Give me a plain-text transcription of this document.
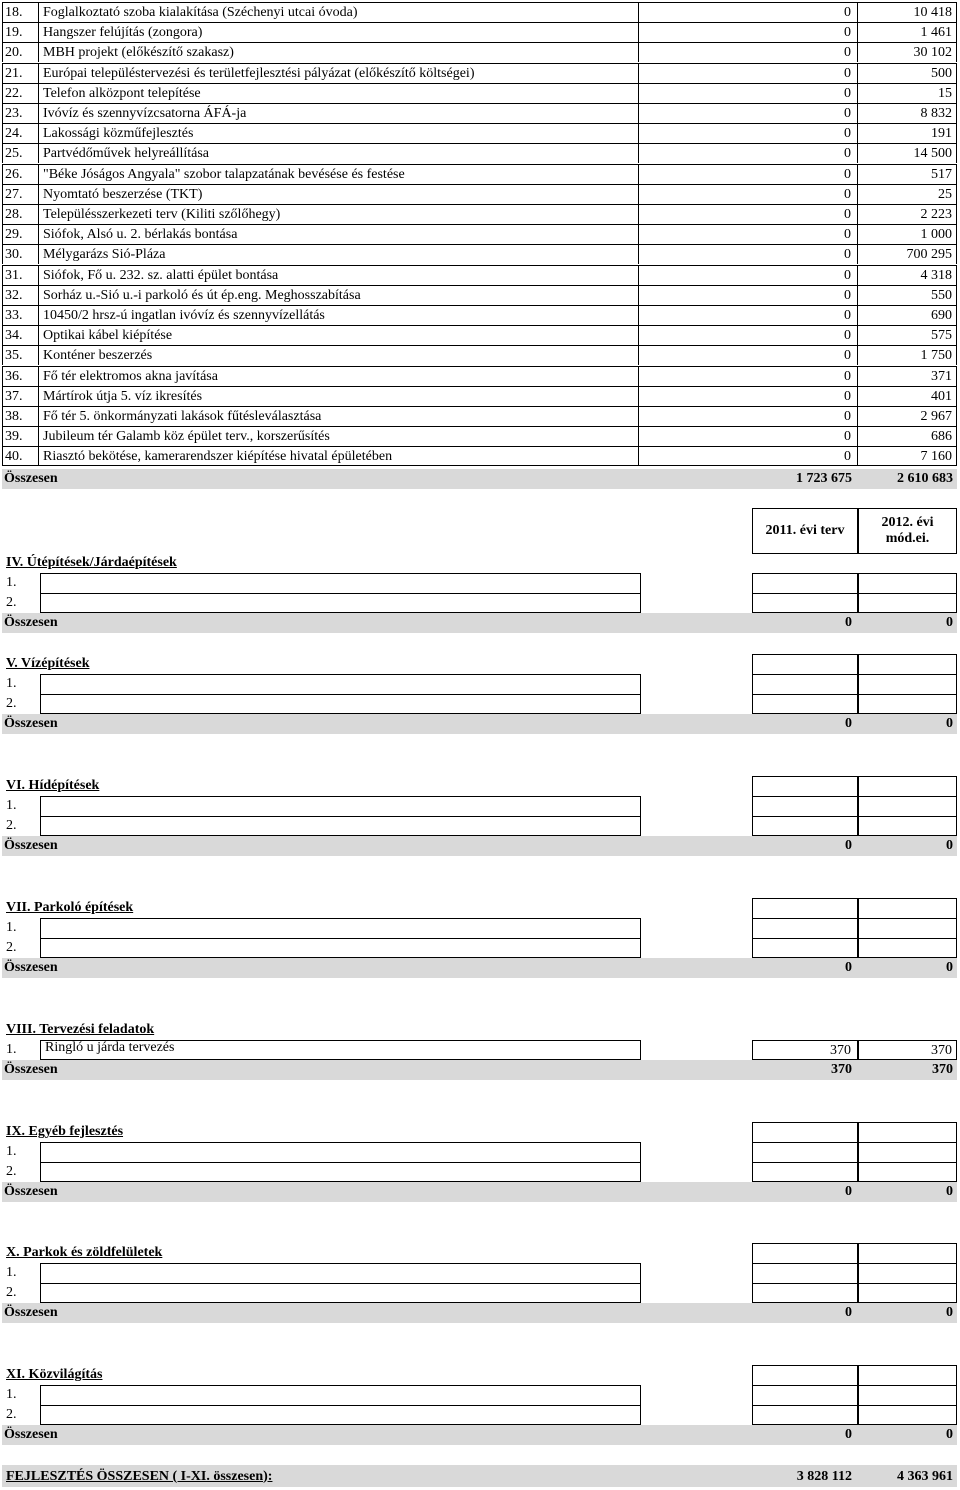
18.	Foglalkoztató szoba kialakítása (Széchenyi utcai óvoda)	0	10 418
19.	Hangszer felújítás (zongora)	0	1 461
20.	MBH projekt (előkészítő szakasz)	0	30 102
21.	Európai településtervezési és területfejlesztési pályázat (előkészítő költségei)	0	500
22.	Telefon alközpont telepítése	0	15
23.	Ivóvíz és szennyvízcsatorna ÁFÁ-ja	0	8 832
24.	Lakossági közműfejlesztés	0	191
25.	Partvédőművek helyreállítása	0	14 500
26.	"Béke Jóságos Angyala" szobor talapzatának bevésése és festése	0	517
27.	Nyomtató beszerzése (TKT)	0	25
28.	Településszerkezeti terv (Kiliti szőlőhegy)	0	2 223
29.	Siófok, Alsó u. 2. bérlakás bontása	0	1 000
30.	Mélygarázs Sió-Pláza	0	700 295
31.	Siófok, Fő u. 232. sz. alatti épület bontása	0	4 318
32.	Sorház u.-Sió u.-i parkoló és út ép.eng. Meghosszabítása	0	550
33.	10450/2 hrsz-ú ingatlan ivóvíz és szennyvízellátás	0	690
34.	Optikai kábel kiépítése	0	575
35.	Konténer beszerzés	0	1 750
36.	Fő tér elektromos akna javítása	0	371
37.	Mártírok útja 5. víz ikresítés	0	401
38.	Fő tér 5. önkormányzati lakások fűtésleválasztása	0	2 967
39.	Jubileum tér Galamb köz épület terv., korszerűsítés	0	686
40.	Riasztó bekötése, kamerarendszer kiépítése hivatal épületében	0	7 160
Összesen	1 723 675	2 610 683
2011. évi terv
2012. évi mód.ei.
IV. Útépítések/Járdaépítések
1.
2.
Összesen	0	0
V. Vízépítések
1.
2.
Összesen	0	0
VI. Hídépítések
1.
2.
Összesen	0	0
VII. Parkoló építések
1.
2.
Összesen	0	0
VIII. Tervezési feladatok
1. Ringló u járda tervezés	370	370
Összesen	370	370
IX. Egyéb fejlesztés
1.
2.
Összesen	0	0
X. Parkok és zöldfelületek
1.
2.
Összesen	0	0
XI. Közvilágítás
1.
2.
Összesen	0	0
FEJLESZTÉS ÖSSZESEN ( I-XI. összesen):	3 828 112	4 363 961
